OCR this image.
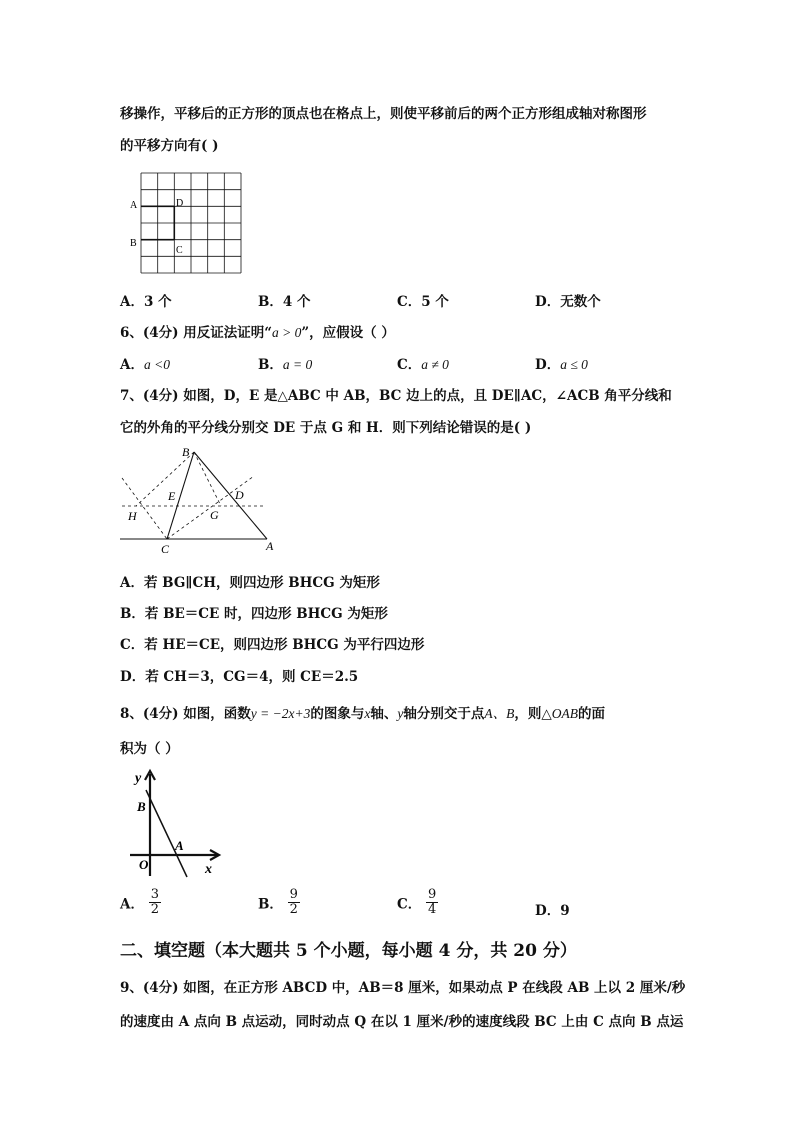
移操作，平移后的正方形的顶点也在格点上，则使平移前后的两个正方形组成轴对称图形
的平移方向有( )
A	D
B
C
A．3 个	B．4 个	C．5 个	D．无数个
6、(4分) 用反证法证明“a > 0”，应假设（ ）
A．a <0	B．a = 0	C．a ≠ 0	D．a ≤ 0
7、(4分) 如图，D，E 是△ABC 中 AB，BC 边上的点，且 DE∥AC，∠ACB 角平分线和
它的外角的平分线分别交 DE 于点 G 和 H．则下列结论错误的是( )
B
E	D
H	G
C	A
A．若 BG∥CH，则四边形 BHCG 为矩形
B．若 BE＝CE 时，四边形 BHCG 为矩形
C．若 HE＝CE，则四边形 BHCG 为平行四边形
D．若 CH＝3，CG＝4，则 CE＝2.5
8、(4分) 如图，函数y = −2x+3的图象与x轴、y轴分别交于点A、B，则△OAB的面
积为（ ）
y
B
A
O	x
A． $\frac{3}{2}$	B． $\frac{9}{2}$	C． $\frac{9}{4}$	D．9
二、填空题（本大题共 5 个小题，每小题 4 分，共 20 分）
9、(4分) 如图，在正方形 ABCD 中，AB＝8 厘米，如果动点 P 在线段 AB 上以 2 厘米/秒
的速度由 A 点向 B 点运动，同时动点 Q 在以 1 厘米/秒的速度线段 BC 上由 C 点向 B 点运
